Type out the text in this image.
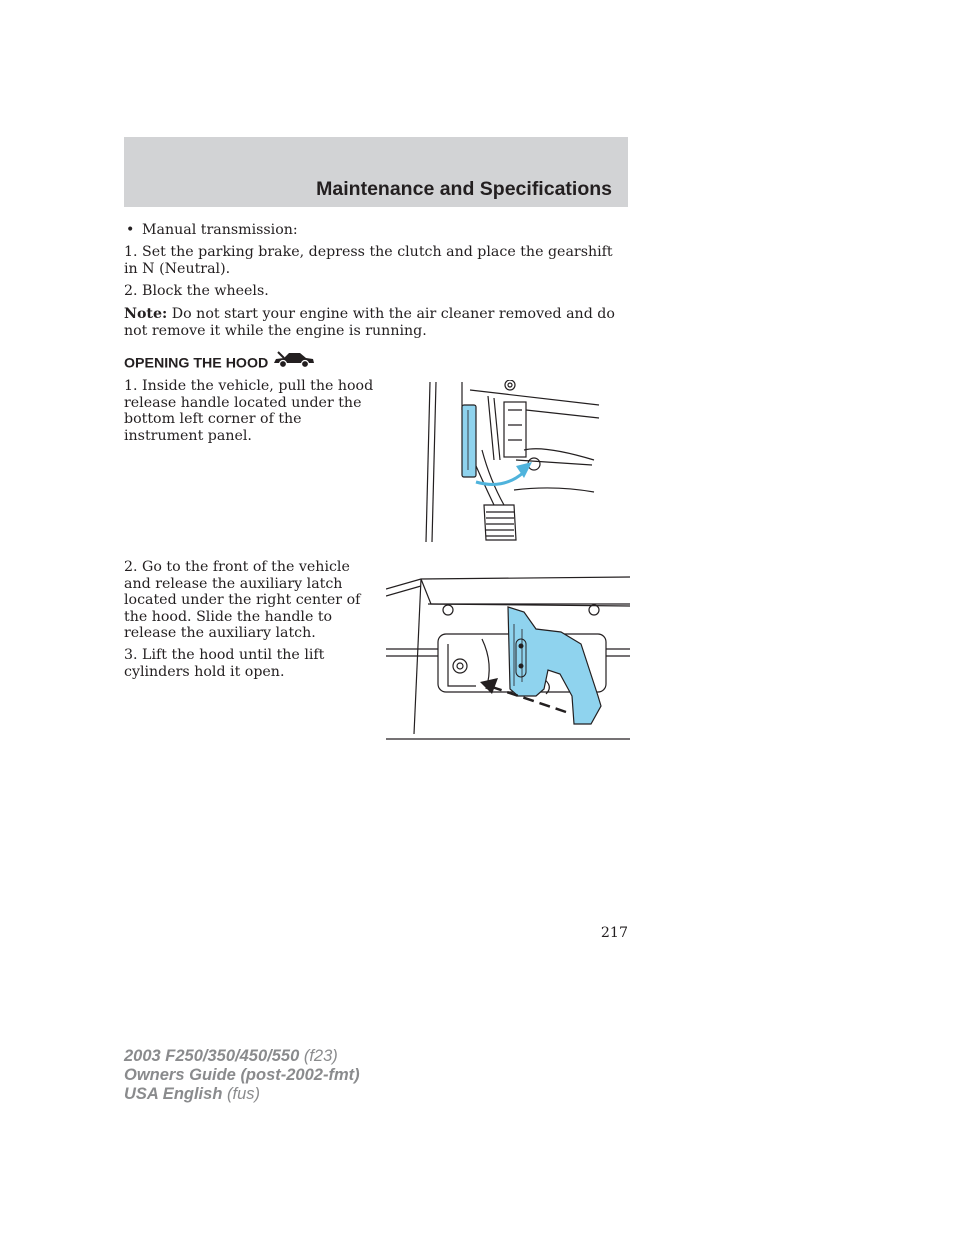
Maintenance and Specifications

• Manual transmission:

1. Set the parking brake, depress the clutch and place the gearshift in N (Neutral).

2. Block the wheels.

Note: Do not start your engine with the air cleaner removed and do not remove it while the engine is running.

OPENING THE HOOD

1. Inside the vehicle, pull the hood release handle located under the bottom left corner of the instrument panel.

2. Go to the front of the vehicle and release the auxiliary latch located under the right center of the hood. Slide the handle to release the auxiliary latch.

3. Lift the hood until the lift cylinders hold it open.

217
2003 F250/350/450/550 (f23)
Owners Guide (post-2002-fmt)
USA English (fus)
